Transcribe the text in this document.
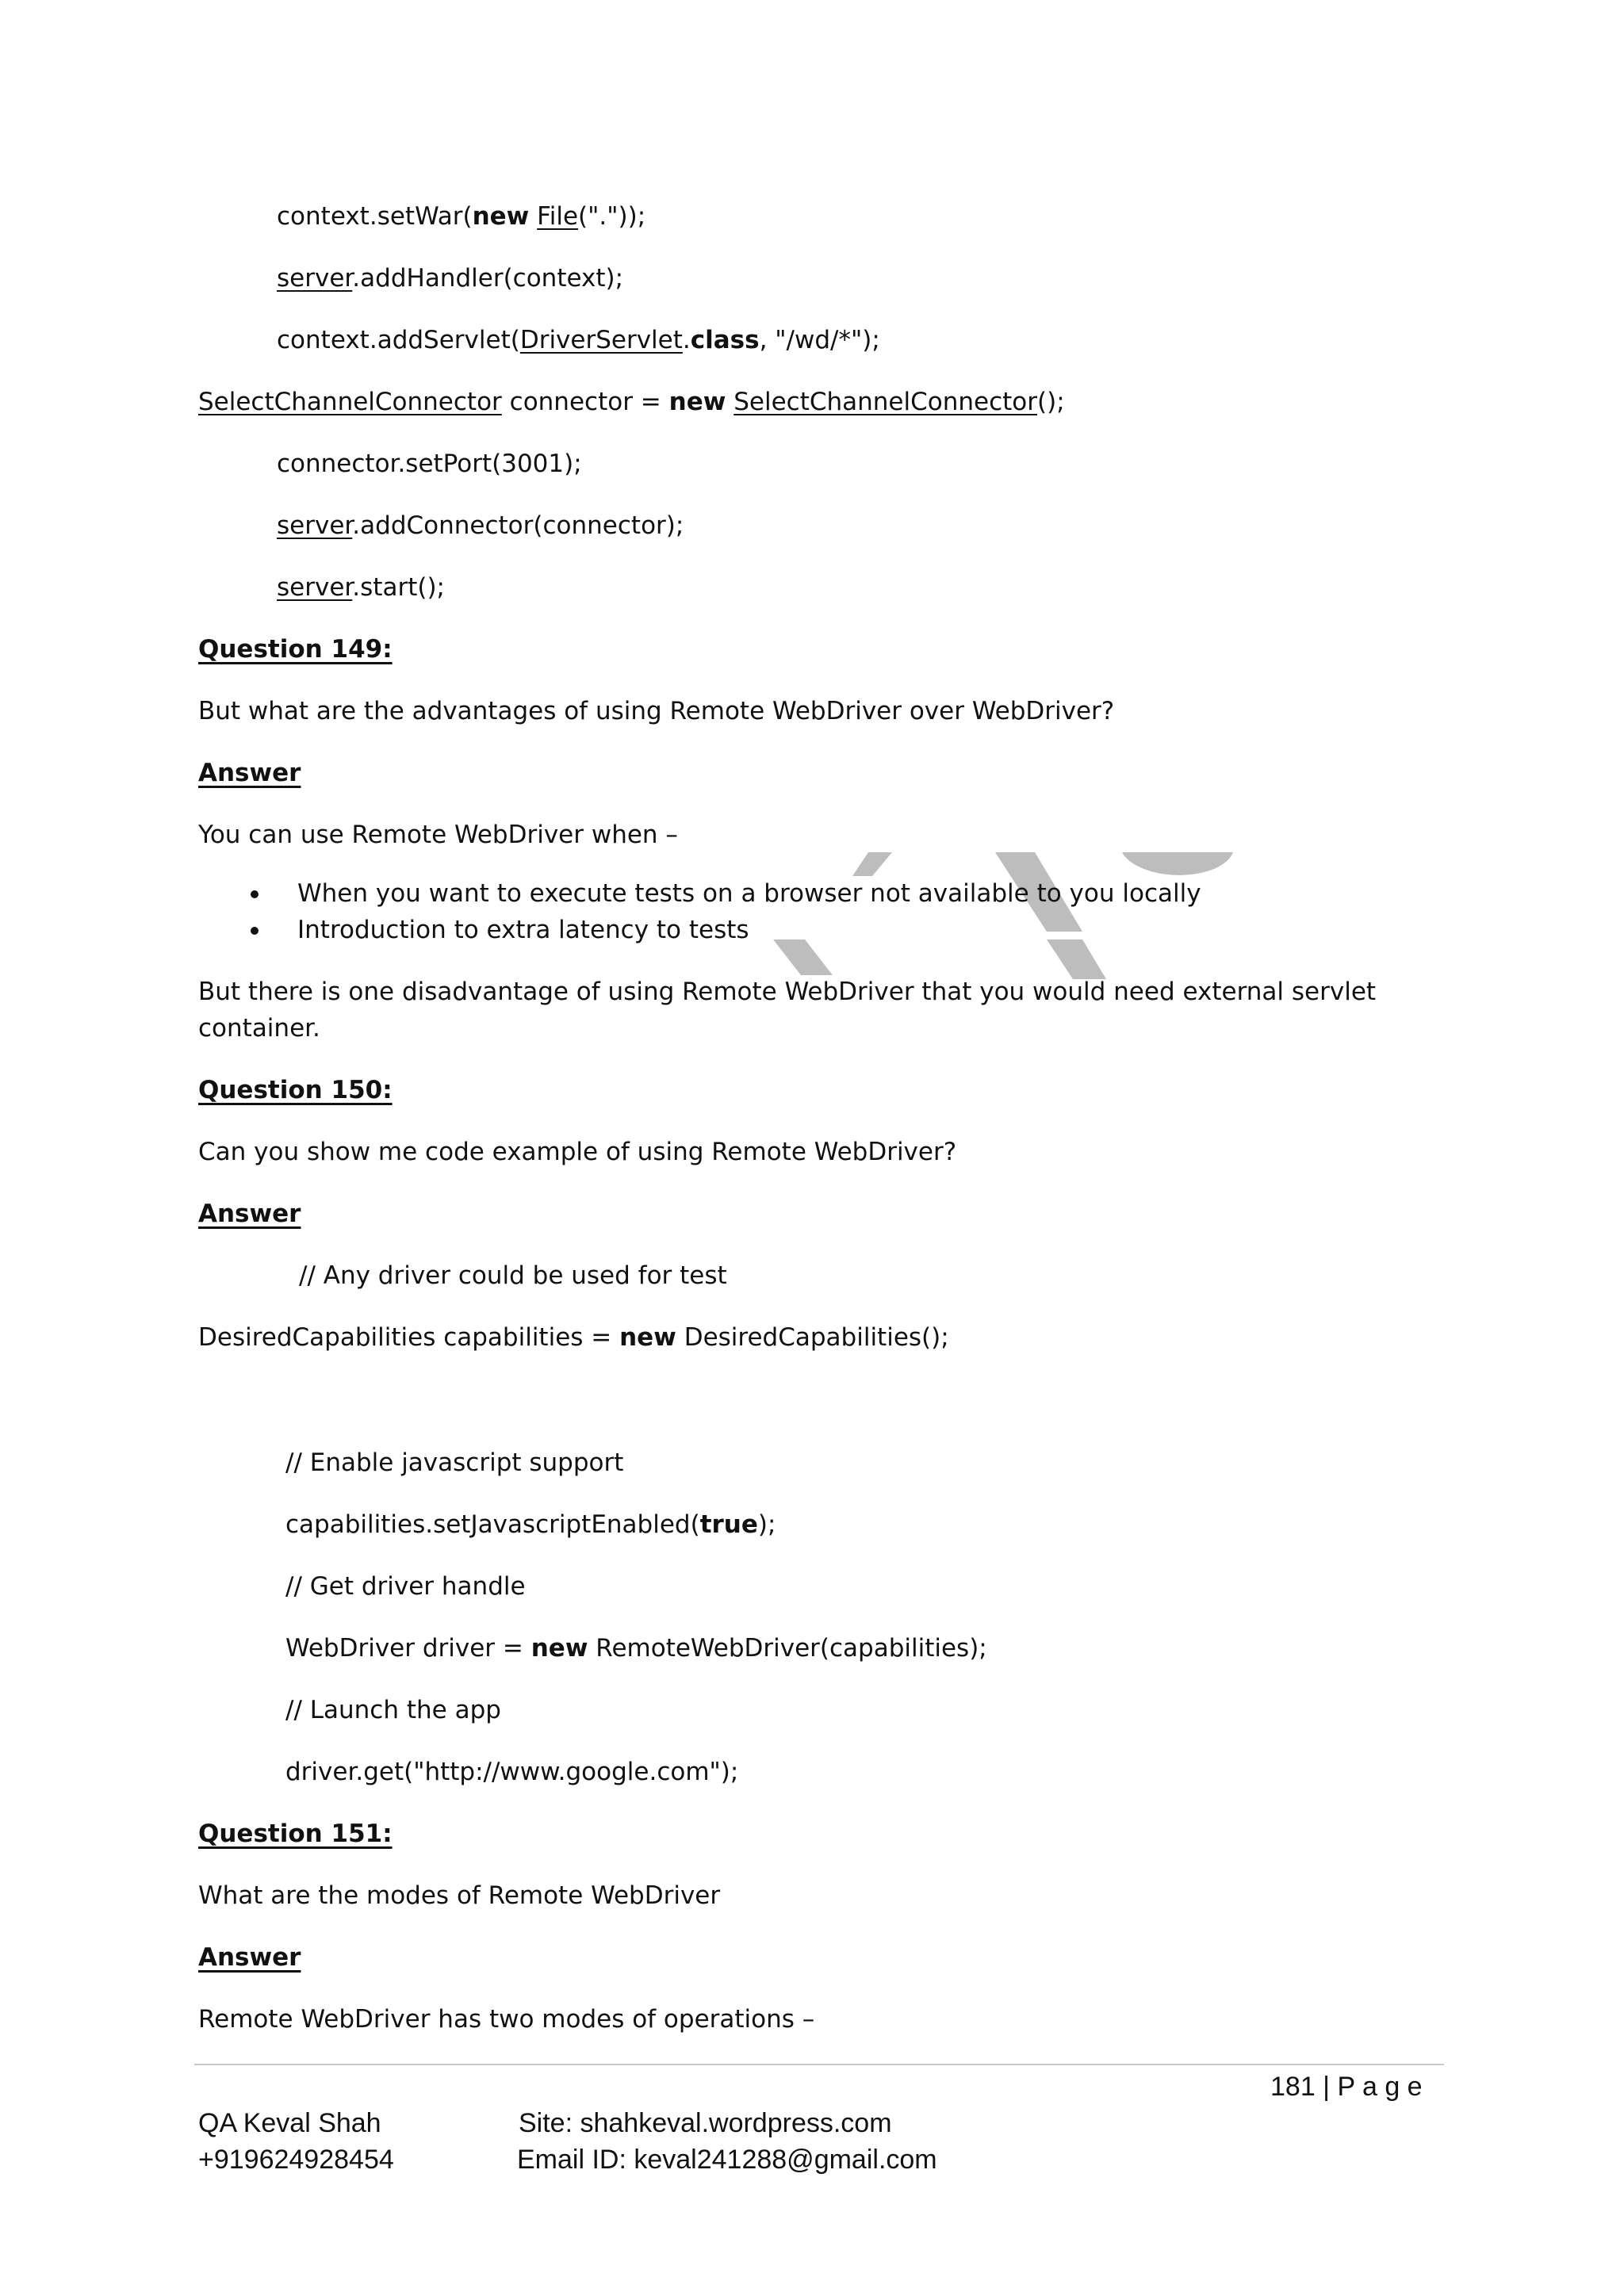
context.setWar(new File("."));
server.addHandler(context);
context.addServlet(DriverServlet.class, "/wd/*");
SelectChannelConnector connector = new SelectChannelConnector();
connector.setPort(3001);
server.addConnector(connector);
server.start();
Question 149:
But what are the advantages of using Remote WebDriver over WebDriver?
Answer
You can use Remote WebDriver when –
When you want to execute tests on a browser not available to you locally
Introduction to extra latency to tests
But there is one disadvantage of using Remote WebDriver that you would need external servlet container.
Question 150:
Can you show me code example of using Remote WebDriver?
Answer
// Any driver could be used for test
DesiredCapabilities capabilities = new DesiredCapabilities();
// Enable javascript support
capabilities.setJavascriptEnabled(true);
// Get driver handle
WebDriver driver = new RemoteWebDriver(capabilities);
// Launch the app
driver.get("http://www.google.com");
Question 151:
What are the modes of Remote WebDriver
Answer
Remote WebDriver has two modes of operations –
181 | P a g e
QA Keval Shah
+919624928454
Site: shahkeval.wordpress.com
Email ID: keval241288@gmail.com
